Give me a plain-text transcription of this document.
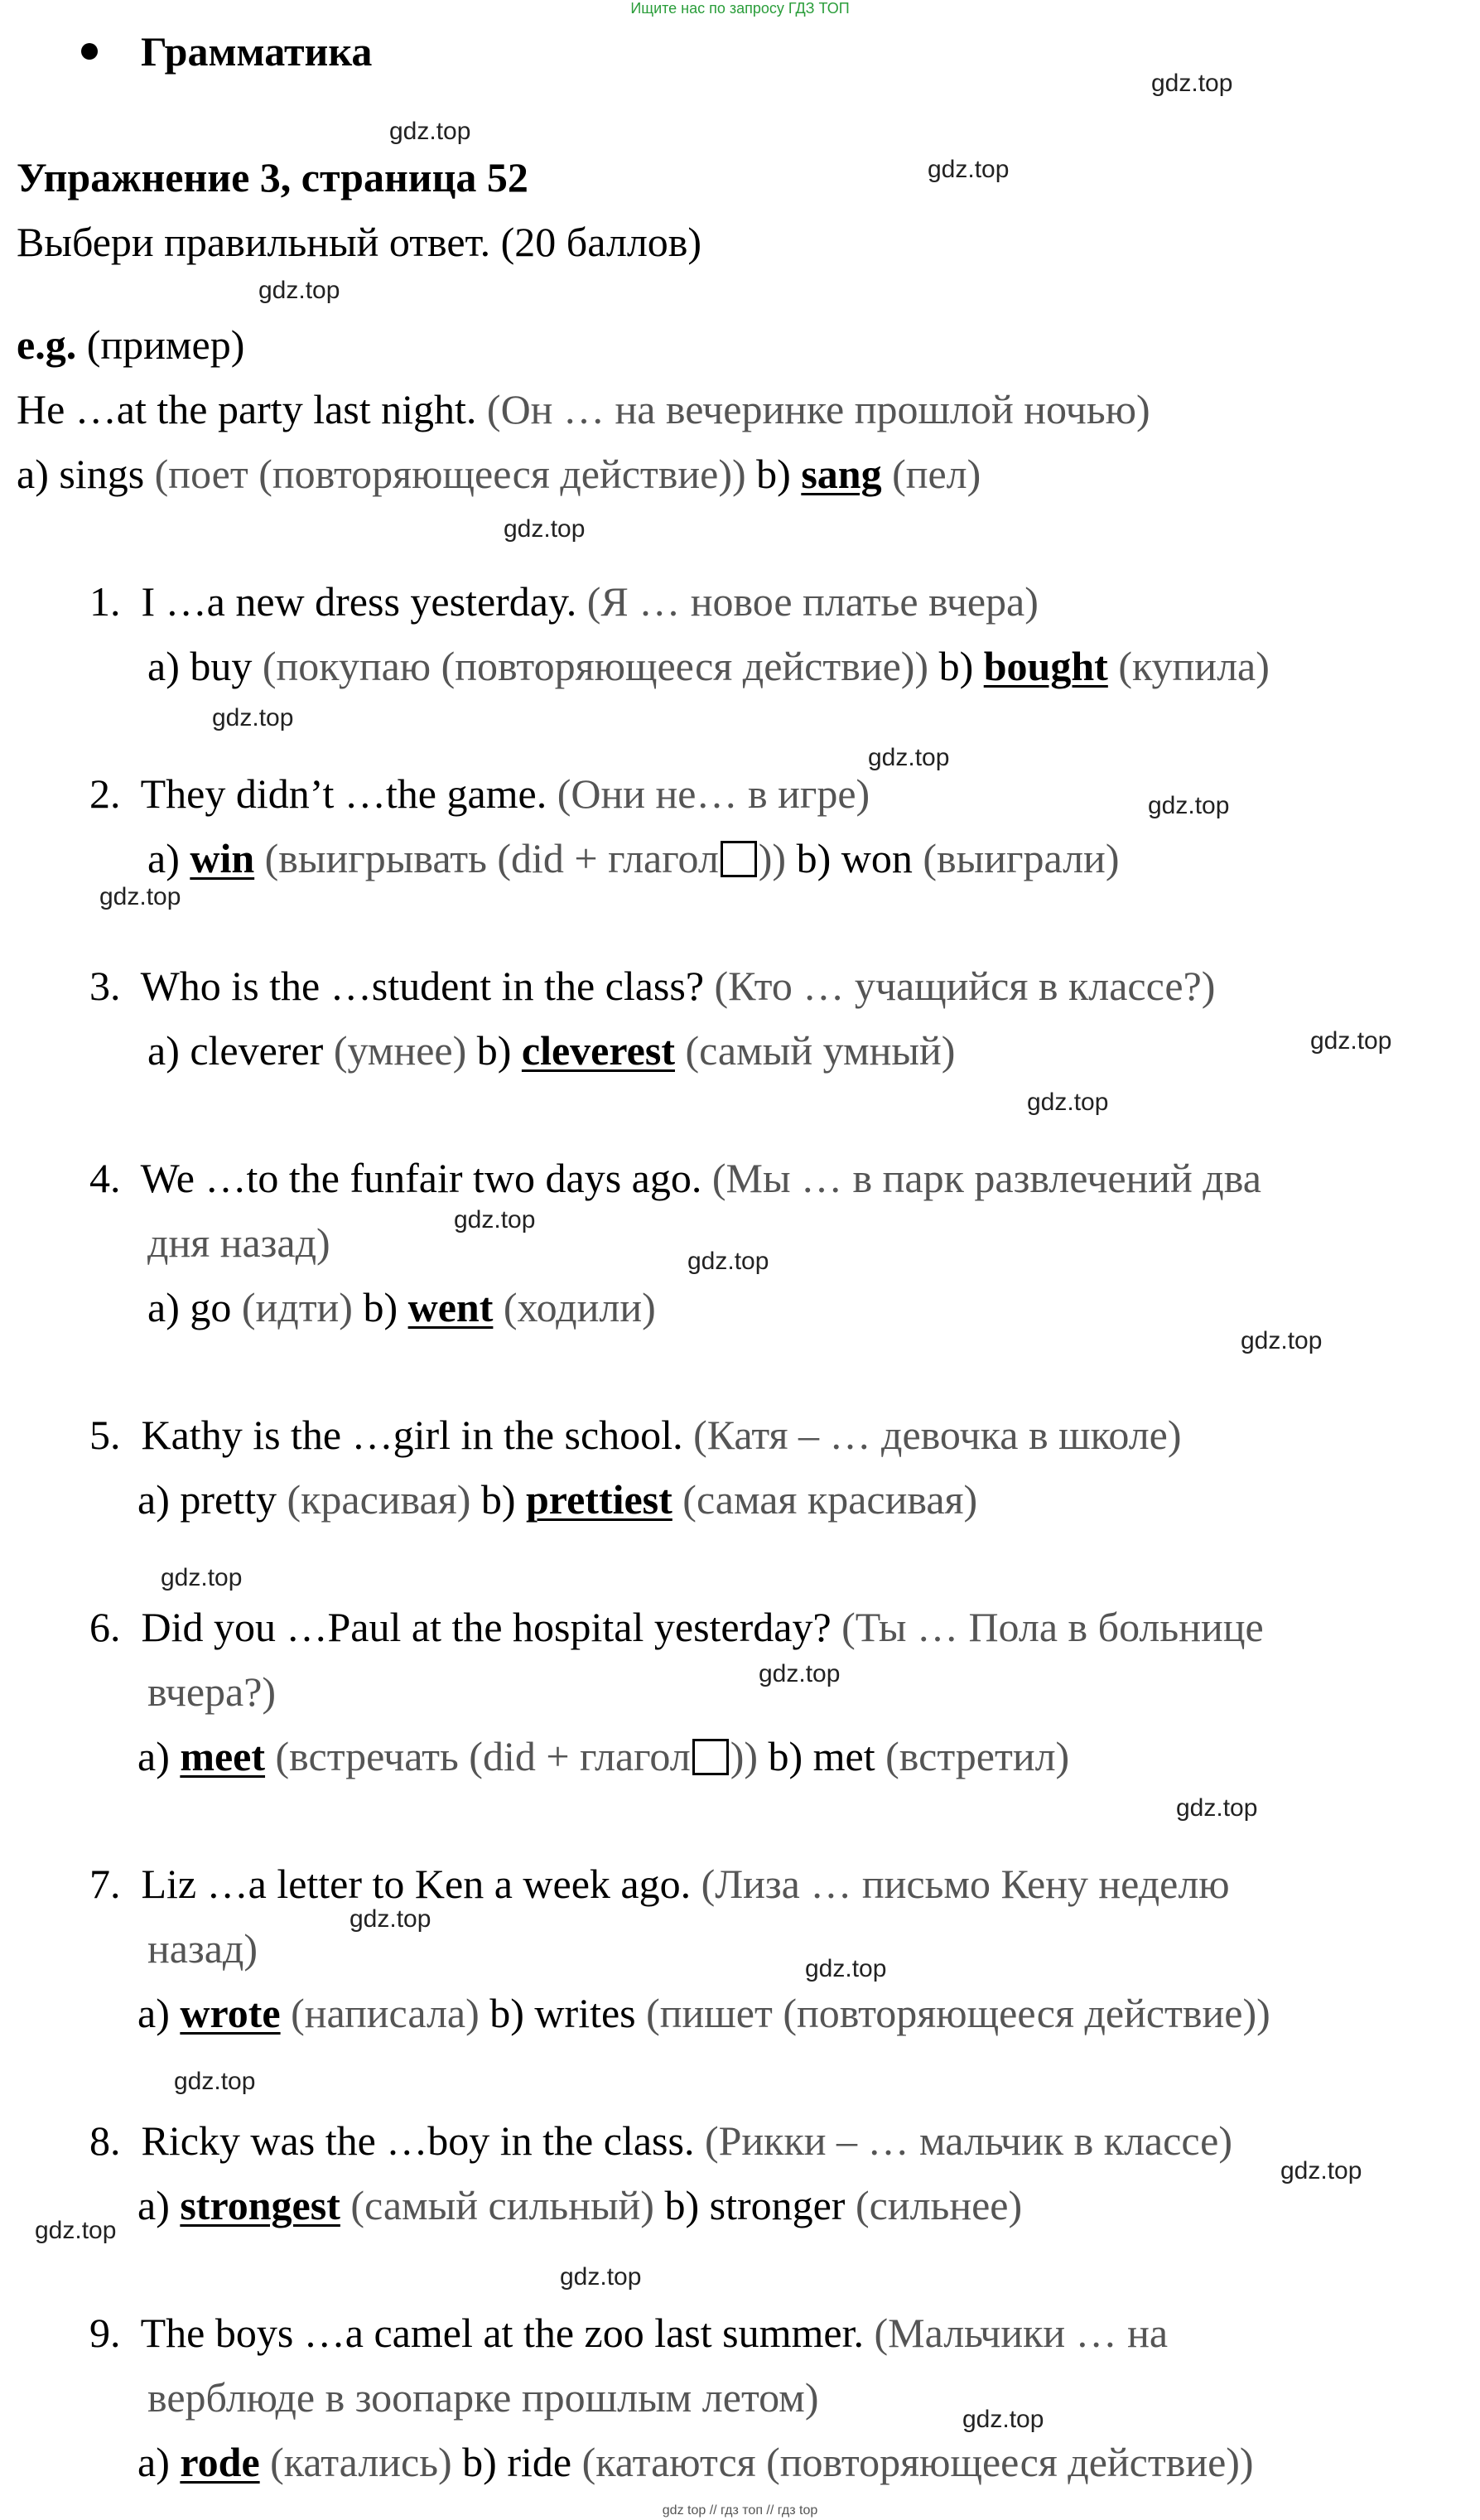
Ищите нас по запросу ГДЗ ТОП
Грамматика
Упражнение 3, страница 52
Выбери правильный ответ. (20 баллов)
e.g. (пример)
He …at the party last night. (Он … на вечеринке прошлой ночью)
a) sings (поет (повторяющееся действие)) b) sang (пел)
1. I …a new dress yesterday. (Я … новое платье вчера)
a) buy (покупаю (повторяющееся действие)) b) bought (купила)
2. They didn’t …the game. (Они не… в игре)
a) win (выигрывать (did + глагол )) b) won (выиграли)
3. Who is the …student in the class? (Кто … учащийся в классе?)
a) cleverer (умнее) b) cleverest (самый умный)
4. We …to the funfair two days ago. (Мы … в парк развлечений два
дня назад)
a) go (идти) b) went (ходили)
5. Kathy is the …girl in the school. (Катя – … девочка в школе)
a) pretty (красивая) b) prettiest (самая красивая)
6. Did you …Paul at the hospital yesterday? (Ты … Пола в больнице
вчера?)
a) meet (встречать (did + глагол )) b) met (встретил)
7. Liz …a letter to Ken a week ago. (Лиза … письмо Кену неделю
назад)
a) wrote (написала) b) writes (пишет (повторяющееся действие))
8. Ricky was the …boy in the class. (Рикки – … мальчик в классе)
a) strongest (самый сильный) b) stronger (сильнее)
9. The boys …a camel at the zoo last summer. (Мальчики … на
верблюде в зоопарке прошлым летом)
a) rode (катались) b) ride (катаются (повторяющееся действие))
gdz.top
gdz.top
gdz.top
gdz.top
gdz.top
gdz.top
gdz.top
gdz.top
gdz.top
gdz.top
gdz.top
gdz.top
gdz.top
gdz.top
gdz.top
gdz.top
gdz.top
gdz.top
gdz.top
gdz.top
gdz.top
gdz.top
gdz.top
gdz.top
gdz top // гдз топ // гдз top
